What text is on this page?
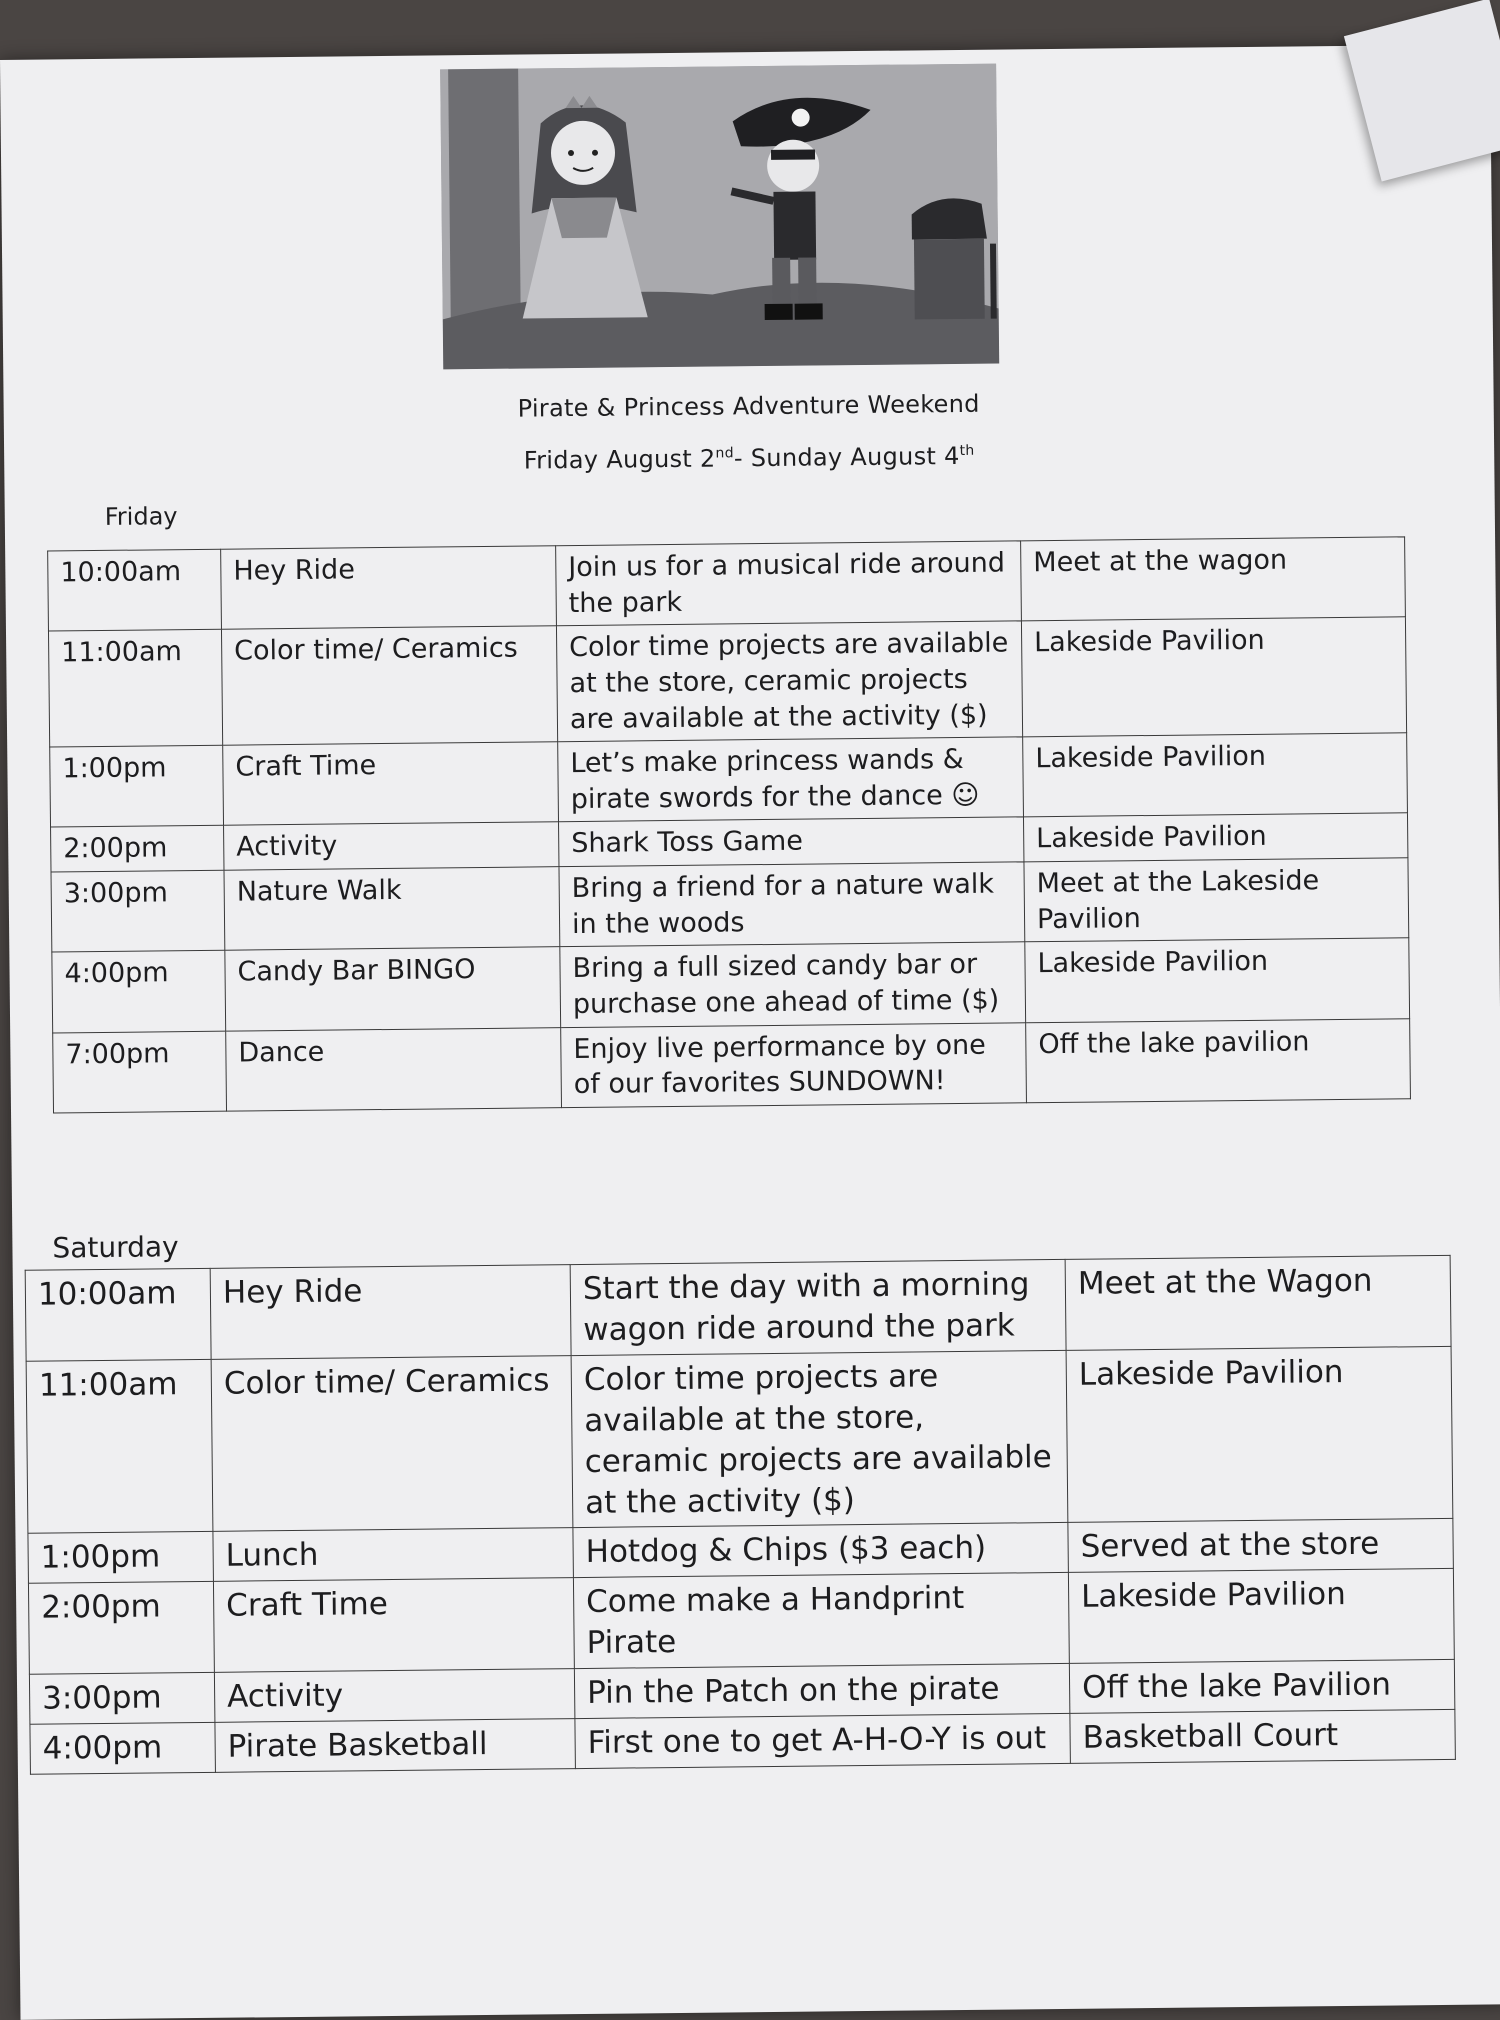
Pirate & Princess Adventure Weekend
Friday August 2nd- Sunday August 4th
Friday
10:00am	Hey Ride	Join us for a musical ride around the park	Meet at the wagon
11:00am	Color time/ Ceramics	Color time projects are available at the store, ceramic projects are available at the activity ($)	Lakeside Pavilion
1:00pm	Craft Time	Let’s make princess wands & pirate swords for the dance ☺	Lakeside Pavilion
2:00pm	Activity	Shark Toss Game	Lakeside Pavilion
3:00pm	Nature Walk	Bring a friend for a nature walk in the woods	Meet at the Lakeside Pavilion
4:00pm	Candy Bar BINGO	Bring a full sized candy bar or purchase one ahead of time ($)	Lakeside Pavilion
7:00pm	Dance	Enjoy live performance by one of our favorites SUNDOWN!	Off the lake pavilion
Saturday
10:00am	Hey Ride	Start the day with a morning wagon ride around the park	Meet at the Wagon
11:00am	Color time/ Ceramics	Color time projects are available at the store, ceramic projects are available at the activity ($)	Lakeside Pavilion
1:00pm	Lunch	Hotdog & Chips ($3 each)	Served at the store
2:00pm	Craft Time	Come make a Handprint Pirate	Lakeside Pavilion
3:00pm	Activity	Pin the Patch on the pirate	Off the lake Pavilion
4:00pm	Pirate Basketball	First one to get A-H-O-Y is out	Basketball Court
